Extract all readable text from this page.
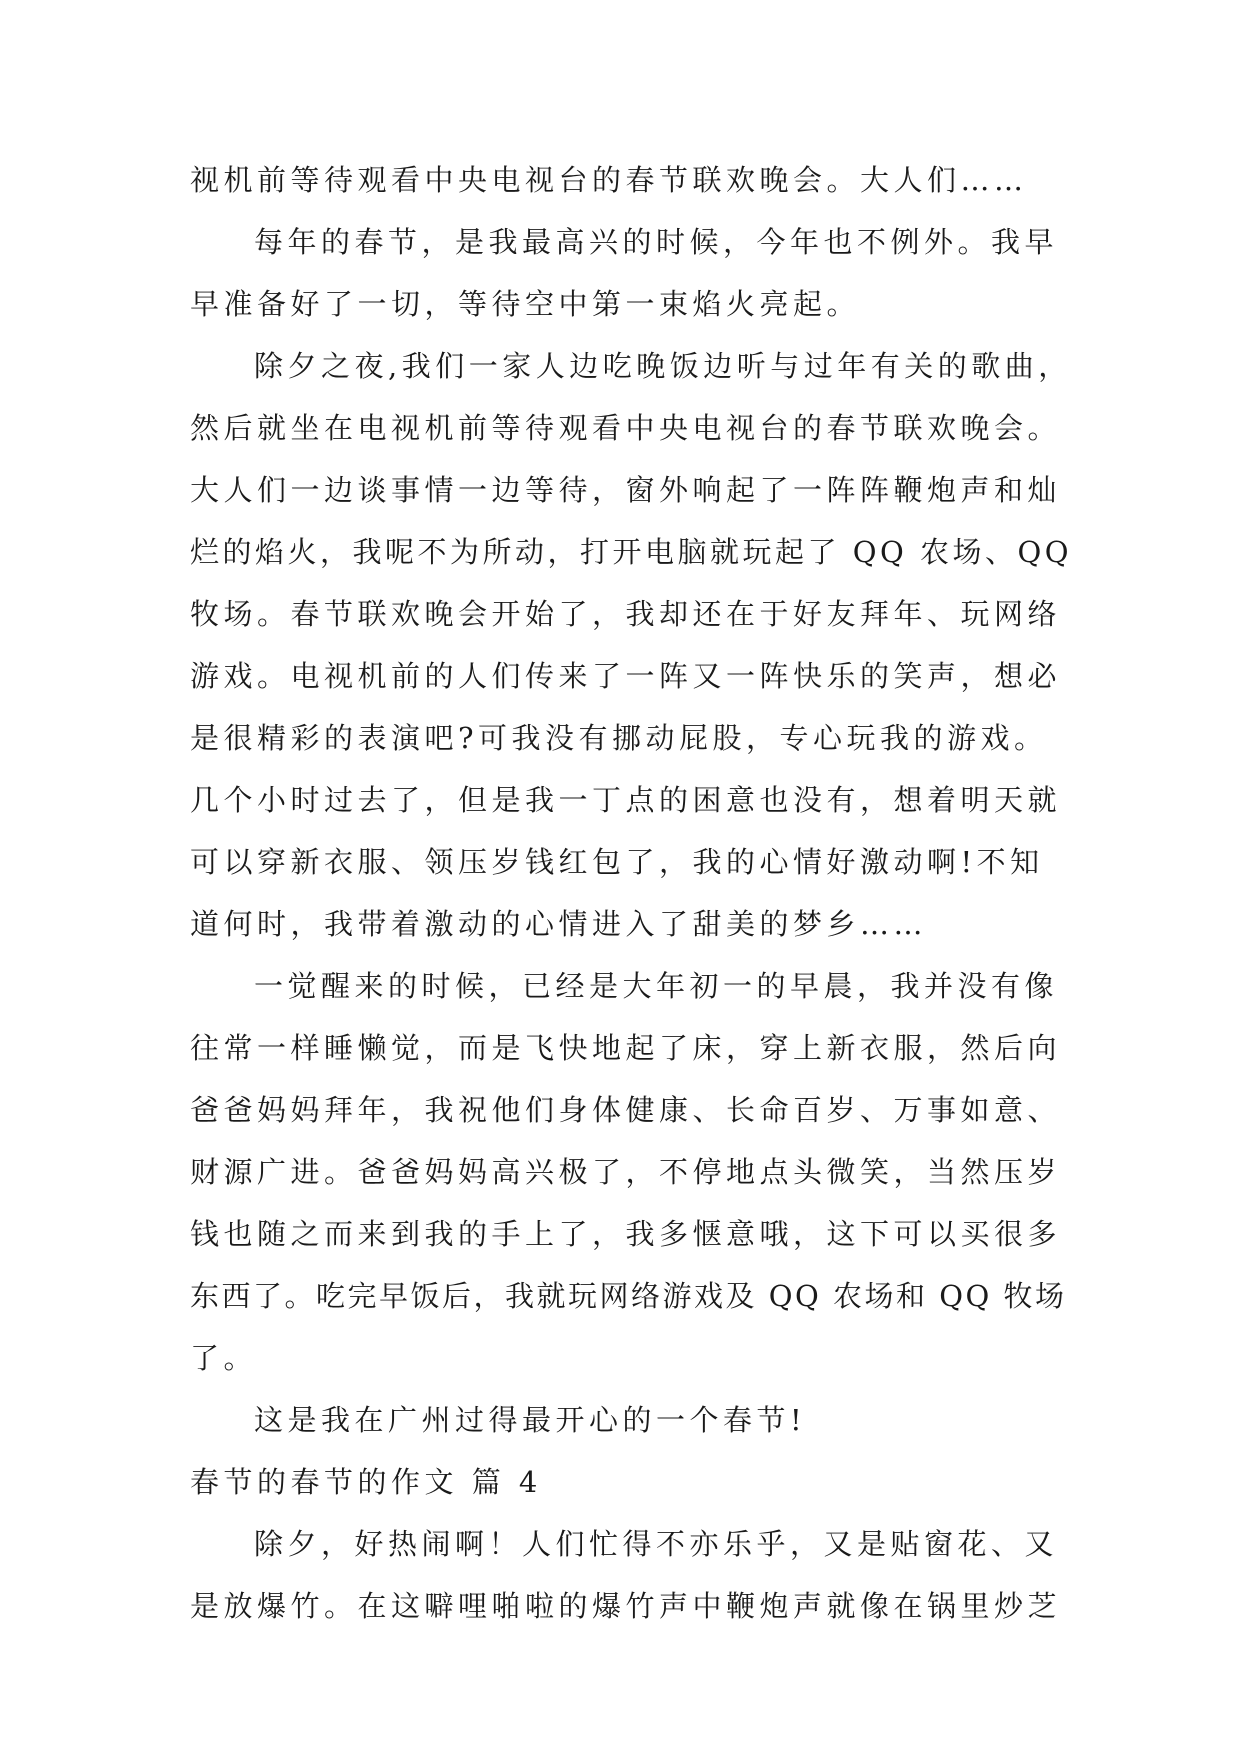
视机前等待观看中央电视台的春节联欢晚会。大人们……
每年的春节，是我最高兴的时候，今年也不例外。我早
早准备好了一切，等待空中第一束焰火亮起。
除夕之夜,我们一家人边吃晚饭边听与过年有关的歌曲，
然后就坐在电视机前等待观看中央电视台的春节联欢晚会。
大人们一边谈事情一边等待，窗外响起了一阵阵鞭炮声和灿
烂的焰火，我呢不为所动，打开电脑就玩起了 QQ 农场、QQ
牧场。春节联欢晚会开始了，我却还在于好友拜年、玩网络
游戏。电视机前的人们传来了一阵又一阵快乐的笑声，想必
是很精彩的表演吧?可我没有挪动屁股，专心玩我的游戏。
几个小时过去了，但是我一丁点的困意也没有，想着明天就
可以穿新衣服、领压岁钱红包了，我的心情好激动啊!不知
道何时，我带着激动的心情进入了甜美的梦乡……
一觉醒来的时候，已经是大年初一的早晨，我并没有像
往常一样睡懒觉，而是飞快地起了床，穿上新衣服，然后向
爸爸妈妈拜年，我祝他们身体健康、长命百岁、万事如意、
财源广进。爸爸妈妈高兴极了，不停地点头微笑，当然压岁
钱也随之而来到我的手上了，我多惬意哦，这下可以买很多
东西了。吃完早饭后，我就玩网络游戏及 QQ 农场和 QQ 牧场
了。
这是我在广州过得最开心的一个春节!
春节的春节的作文 篇 4
除夕，好热闹啊！人们忙得不亦乐乎，又是贴窗花、又
是放爆竹。在这噼哩啪啦的爆竹声中鞭炮声就像在锅里炒芝
